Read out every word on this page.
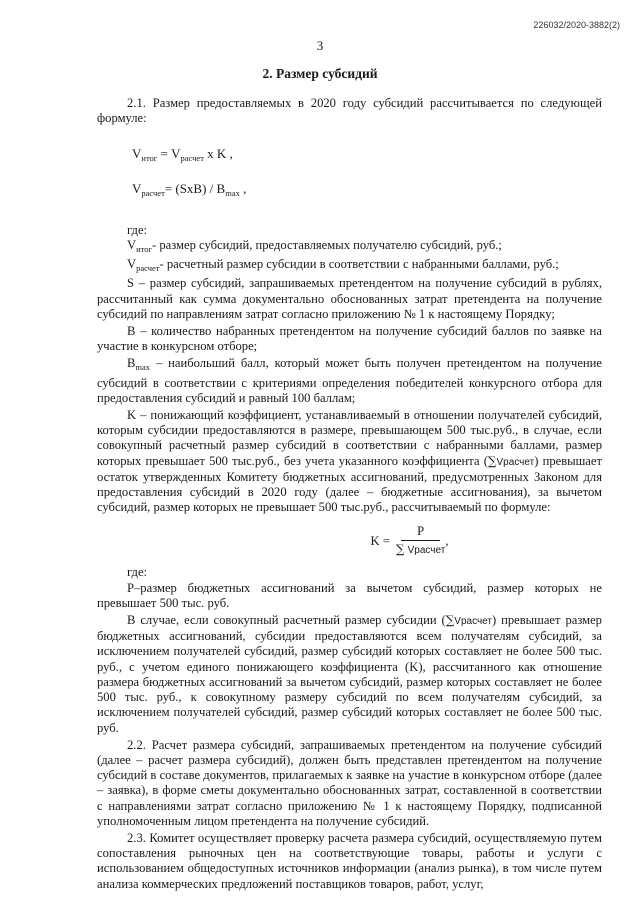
226032/2020-3882(2)
3
2. Размер субсидий

2.1. Размер предоставляемых в 2020 году субсидий рассчитывается по следующей формуле:

$V_{итог} = V_{расчет}$ x K ,

$V_{расчет}= (SxB) / B_{max}$ ,

где:

$V_{итог}-$ размер субсидий, предоставляемых получателю субсидий, руб.;

$V_{расчет}-$ расчетный размер субсидии в соответствии с набранными баллами, руб.;

S – размер субсидий, запрашиваемых претендентом на получение субсидий в рублях, рассчитанный как сумма документально обоснованных затрат претендента на получение субсидий по направлениям затрат согласно приложению № 1 к настоящему Порядку;

B – количество набранных претендентом на получение субсидий баллов по заявке на участие в конкурсном отборе;

$B_{max}$ – наибольший балл, который может быть получен претендентом на получение субсидий в соответствии с критериями определения победителей конкурсного отбора для предоставления субсидий и равный 100 баллам;

K – понижающий коэффициент, устанавливаемый в отношении получателей субсидий, которым субсидии предоставляются в размере, превышающем 500 тыс.руб., в случае, если совокупный расчетный размер субсидий в соответствии с набранными баллами, размер которых превышает 500 тыс.руб., без учета указанного коэффициента (∑Vрасчет) превышает остаток утвержденных Комитету бюджетных ассигнований, предусмотренных Законом для предоставления субсидий в 2020 году (далее – бюджетные ассигнования), за вычетом субсидий, размер которых не превышает 500 тыс.руб., рассчитываемый по формуле:

$K = \frac{P}{\text{∑ Vрасчет}}$ ,

где:

P–размер бюджетных ассигнований за вычетом субсидий, размер которых не превышает 500 тыс. руб.

В случае, если совокупный расчетный размер субсидии (∑Vрасчет) превышает размер бюджетных ассигнований, субсидии предоставляются всем получателям субсидий, за исключением получателей субсидий, размер субсидий которых составляет не более 500 тыс. руб., с учетом единого понижающего коэффициента (K), рассчитанного как отношение размера бюджетных ассигнований за вычетом субсидий, размер которых составляет не более 500 тыс. руб., к совокупному размеру субсидий по всем получателям субсидий, за исключением получателей субсидий, размер субсидий которых составляет не более 500 тыс. руб.

2.2. Расчет размера субсидий, запрашиваемых претендентом на получение субсидий (далее – расчет размера субсидий), должен быть представлен претендентом на получение субсидий в составе документов, прилагаемых к заявке на участие в конкурсном отборе (далее – заявка), в форме сметы документально обоснованных затрат, составленной в соответствии с направлениями затрат согласно приложению № 1 к настоящему Порядку, подписанной уполномоченным лицом претендента на получение субсидий.

2.3. Комитет осуществляет проверку расчета размера субсидий, осуществляемую путем сопоставления рыночных цен на соответствующие товары, работы и услуги с использованием общедоступных источников информации (анализ рынка), в том числе путем анализа коммерческих предложений поставщиков товаров, работ, услуг,
